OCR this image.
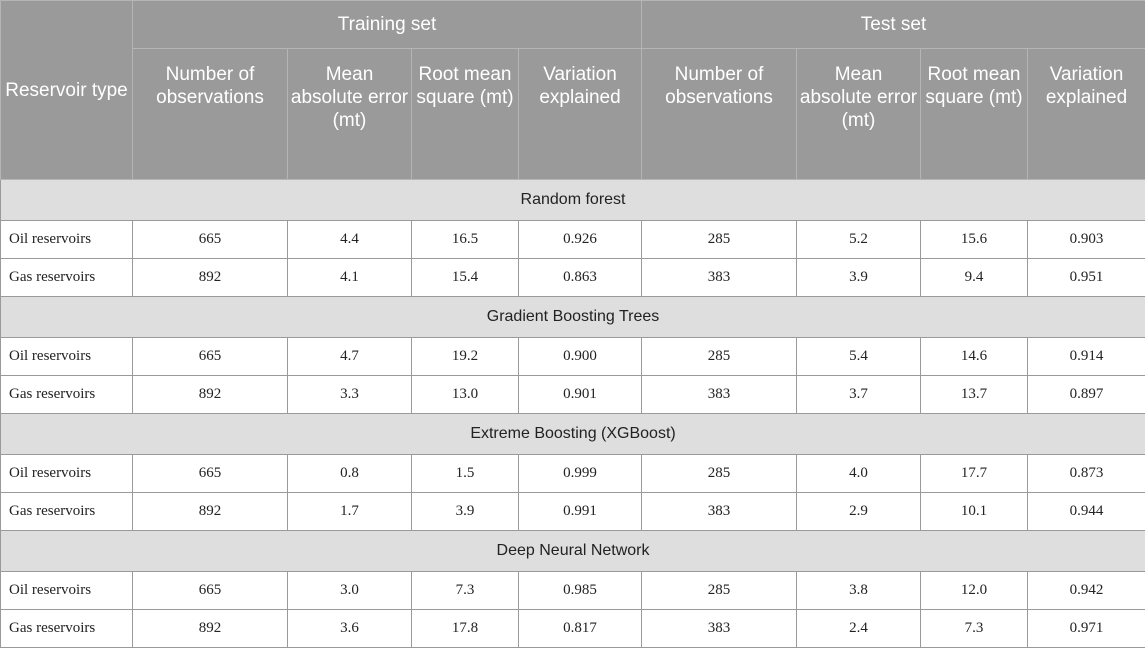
Reservoir type	Training set				Test set			
	Number of observations	Mean absolute error (mt)	Root mean square (mt)	Variation explained	Number of observations	Mean absolute error (mt)	Root mean square (mt)	Variation explained
Random forest								
Oil reservoirs	665	4.4	16.5	0.926	285	5.2	15.6	0.903
Gas reservoirs	892	4.1	15.4	0.863	383	3.9	9.4	0.951
Gradient Boosting Trees								
Oil reservoirs	665	4.7	19.2	0.900	285	5.4	14.6	0.914
Gas reservoirs	892	3.3	13.0	0.901	383	3.7	13.7	0.897
Extreme Boosting (XGBoost)								
Oil reservoirs	665	0.8	1.5	0.999	285	4.0	17.7	0.873
Gas reservoirs	892	1.7	3.9	0.991	383	2.9	10.1	0.944
Deep Neural Network								
Oil reservoirs	665	3.0	7.3	0.985	285	3.8	12.0	0.942
Gas reservoirs	892	3.6	17.8	0.817	383	2.4	7.3	0.971
